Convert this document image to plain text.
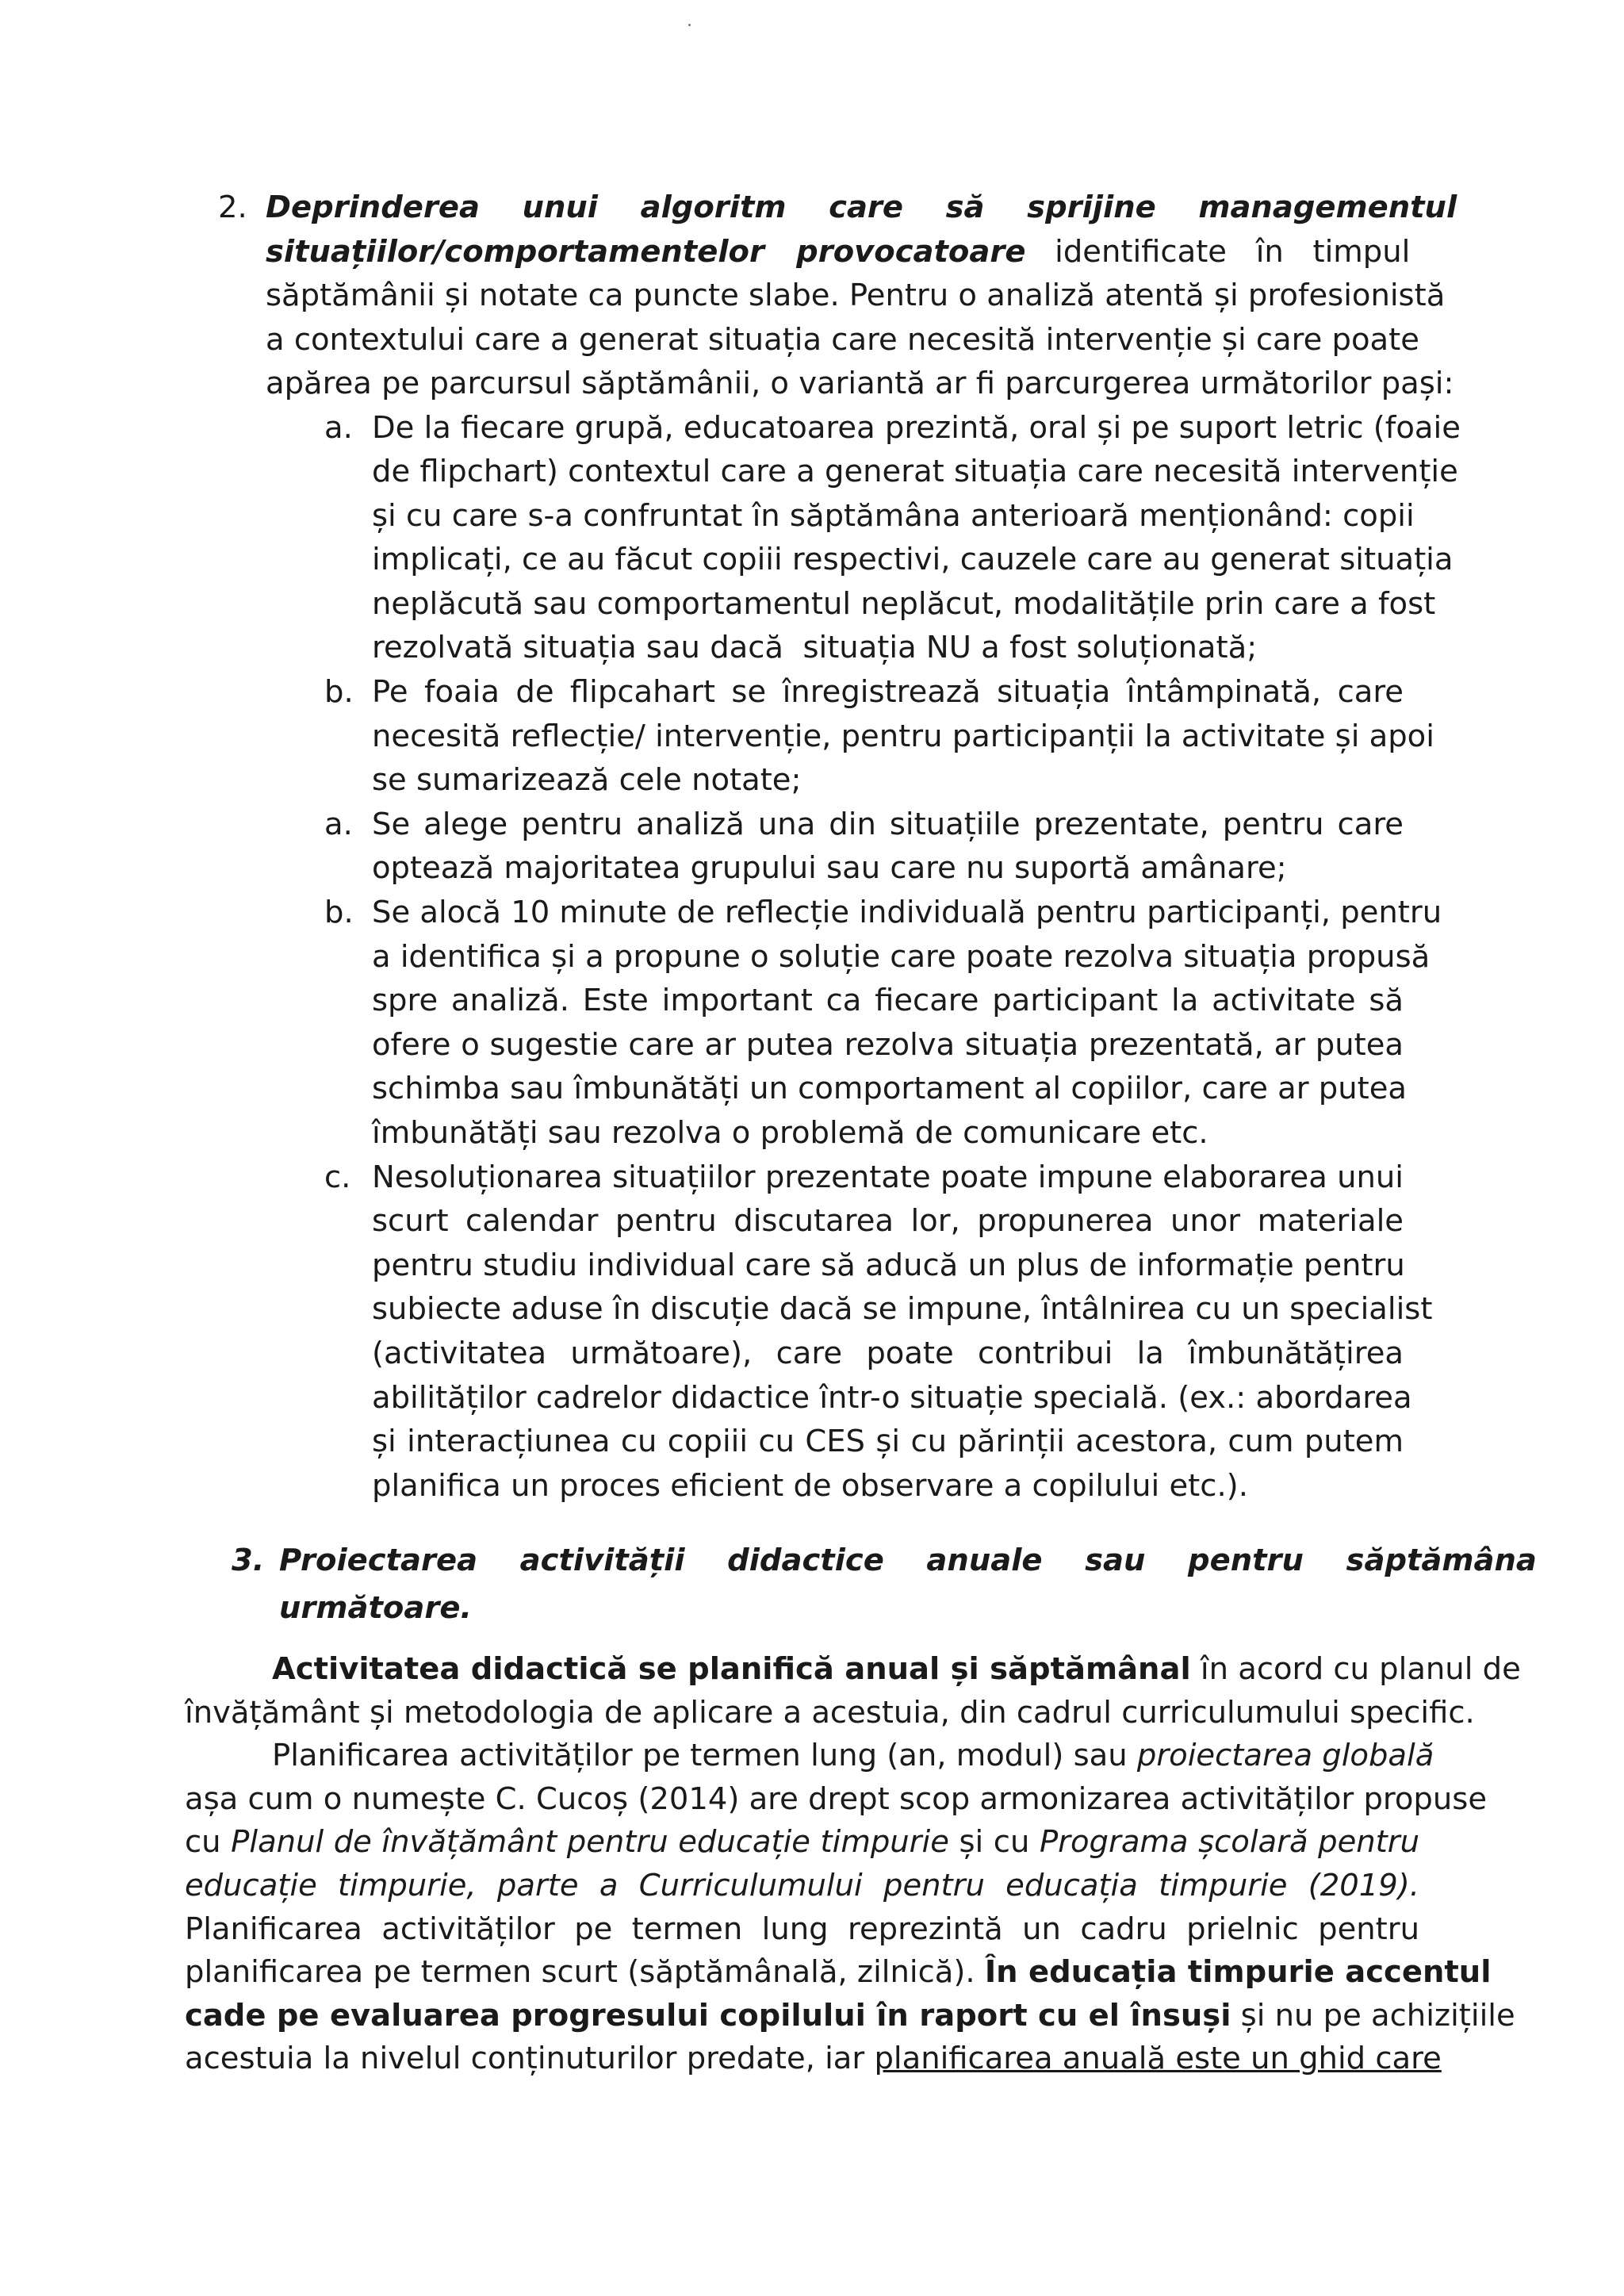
2. Deprinderea    unui    algoritm    care    să    sprijine    managementul
situațiilor/comportamentelor   provocatoare identificate   în   timpul
săptămânii și notate ca puncte slabe. Pentru o analiză atentă și profesionistă
a contextului care a generat situația care necesită intervenție și care poate
apărea pe parcursul săptămânii, o variantă ar fi parcurgerea următorilor pași:
a. De la fiecare grupă, educatoarea prezintă, oral și pe suport letric (foaie
de flipchart) contextul care a generat situația care necesită intervenție
și cu care s-a confruntat în săptămâna anterioară menționând: copii
implicați, ce au făcut copiii respectivi, cauzele care au generat situația
neplăcută sau comportamentul neplăcut, modalitățile prin care a fost
rezolvată situația sau dacă  situația NU a fost soluționată;
b. Pe foaia de flipcahart se înregistrează situația întâmpinată, care
necesită reflecție/ intervenție, pentru participanții la activitate și apoi
se sumarizează cele notate;
a. Se alege pentru analiză una din situațiile prezentate, pentru care
optează majoritatea grupului sau care nu suportă amânare;
b. Se alocă 10 minute de reflecție individuală pentru participanți, pentru
a identifica și a propune o soluție care poate rezolva situația propusă
spre analiză. Este important ca fiecare participant la activitate să
ofere o sugestie care ar putea rezolva situația prezentată, ar putea
schimba sau îmbunătăți un comportament al copiilor, care ar putea
îmbunătăți sau rezolva o problemă de comunicare etc.
c. Nesoluționarea situațiilor prezentate poate impune elaborarea unui
scurt calendar pentru discutarea lor, propunerea unor materiale
pentru studiu individual care să aducă un plus de informație pentru
subiecte aduse în discuție dacă se impune, întâlnirea cu un specialist
(activitatea următoare), care poate contribui la îmbunătățirea
abilităților cadrelor didactice într-o situație specială. (ex.: abordarea
și interacțiunea cu copiii cu CES și cu părinții acestora, cum putem
planifica un proces eficient de observare a copilului etc.).
3. Proiectarea    activității    didactice    anuale    sau    pentru    săptămâna
următoare.
Activitatea didactică se planifică anual și săptămânal în acord cu planul de
învățământ și metodologia de aplicare a acestuia, din cadrul curriculumului specific.
Planificarea activităților pe termen lung (an, modul) sau proiectarea globală
așa cum o numește C. Cucoș (2014) are drept scop armonizarea activităților propuse
cu Planul de învățământ pentru educație timpurie și cu Programa școlară pentru
educație timpurie, parte a Curriculumului pentru educația timpurie (2019).
Planificarea activităților pe termen lung reprezintă un cadru prielnic pentru
planificarea pe termen scurt (săptămânală, zilnică). În educația timpurie accentul
cade pe evaluarea progresului copilului în raport cu el însuși și nu pe achizițiile
acestuia la nivelul conținuturilor predate, iar planificarea anuală este un ghid care
